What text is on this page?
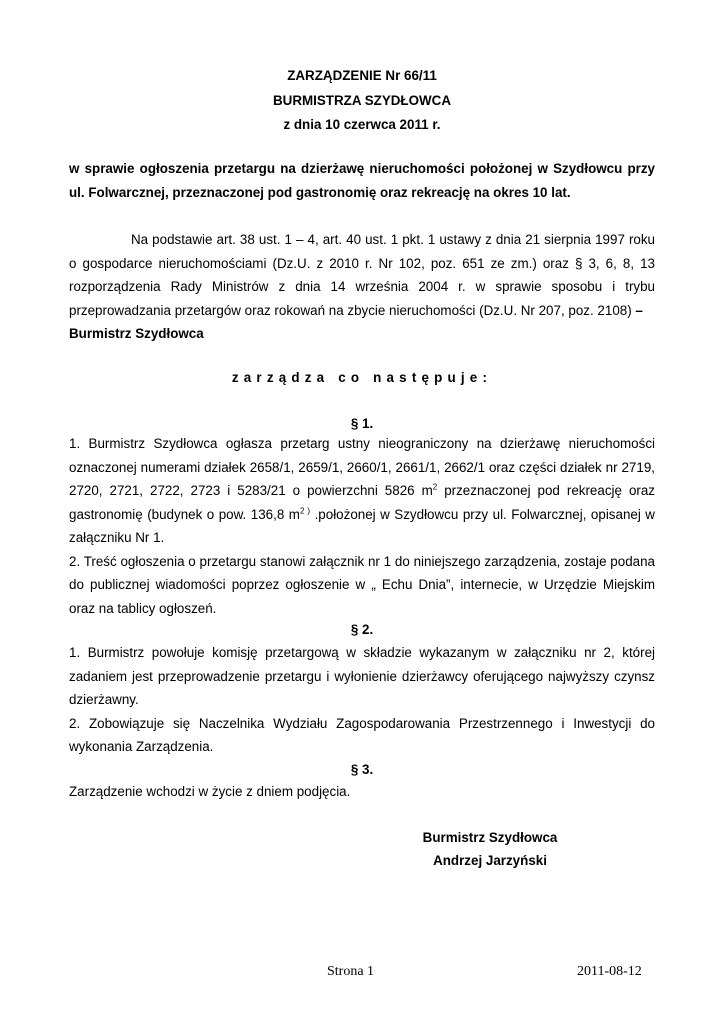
ZARZĄDZENIE Nr 66/11
BURMISTRZA SZYDŁOWCA
z dnia 10 czerwca 2011 r.
w sprawie ogłoszenia przetargu na dzierżawę nieruchomości położonej w Szydłowcu przy ul. Folwarcznej, przeznaczonej pod gastronomię oraz rekreację na okres 10 lat.
Na podstawie art. 38 ust. 1 – 4, art. 40 ust. 1 pkt. 1 ustawy z dnia 21 sierpnia 1997 roku o gospodarce nieruchomościami (Dz.U. z 2010 r. Nr 102, poz. 651 ze zm.) oraz § 3, 6, 8, 13 rozporządzenia Rady Ministrów z dnia 14 września 2004 r. w sprawie sposobu i trybu przeprowadzania przetargów oraz rokowań na zbycie nieruchomości (Dz.U. Nr 207, poz. 2108) –
Burmistrz Szydłowca
zarządza co następuje:
§ 1.

1. Burmistrz Szydłowca ogłasza przetarg ustny nieograniczony na dzierżawę nieruchomości oznaczonej numerami działek 2658/1, 2659/1, 2660/1, 2661/1, 2662/1 oraz części działek nr 2719, 2720, 2721, 2722, 2723 i 5283/21 o powierzchni 5826 $m^2$ przeznaczonej pod rekreację oraz gastronomię (budynek o pow. 136,8 $m^{2 )}$ .położonej w Szydłowcu przy ul. Folwarcznej, opisanej w załączniku Nr 1.

2. Treść ogłoszenia o przetargu stanowi załącznik nr 1 do niniejszego zarządzenia, zostaje podana do publicznej wiadomości poprzez ogłoszenie w „ Echu Dnia”, internecie, w Urzędzie Miejskim oraz na tablicy ogłoszeń.

§ 2.

1. Burmistrz powołuje komisję przetargową w składzie wykazanym w załączniku nr 2, której zadaniem jest przeprowadzenie przetargu i wyłonienie dzierżawcy oferującego najwyższy czynsz dzierżawny.

2. Zobowiązuje się Naczelnika Wydziału Zagospodarowania Przestrzennego i Inwestycji do wykonania Zarządzenia.

§ 3.

Zarządzenie wchodzi w życie z dniem podjęcia.

Burmistrz Szydłowca
Andrzej Jarzyński
Strona 1	2011-08-12
